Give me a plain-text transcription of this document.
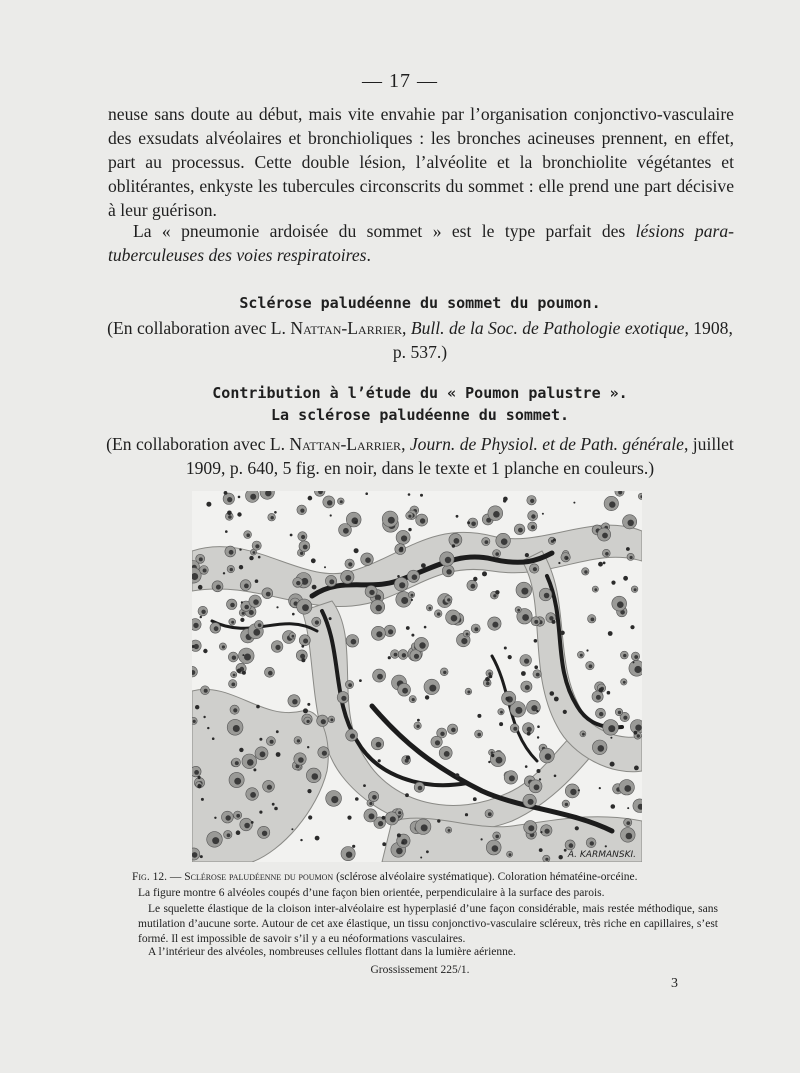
— 17 —

neuse sans doute au début, mais vite envahie par l’organisation conjonctivo-vasculaire des exsudats alvéolaires et bronchioliques : les bronches acineuses prennent, en effet, part au processus. Cette double lésion, l’alvéolite et la bronchiolite végétantes et oblitérantes, enkyste les tubercules circonscrits du sommet : elle prend une part décisive à leur guérison.

La « pneumonie ardoisée du sommet » est le type parfait des lésions para-tuberculeuses des voies respiratoires.

Sclérose paludéenne du sommet du poumon.
(En collaboration avec L. Nattan-Larrier, Bull. de la Soc. de Pathologie exotique, 1908, p. 537.)
Contribution à l’étude du « Poumon palustre ».
La sclérose paludéenne du sommet.
(En collaboration avec L. Nattan-Larrier, Journ. de Physiol. et de Path. générale, juillet 1909, p. 640, 5 fig. en noir, dans le texte et 1 planche en couleurs.)
A. KARMANSKI.
Fig. 12. — Sclérose paludéenne du poumon (sclérose alvéolaire systématique). Coloration hématéine-orcéine.
La figure montre 6 alvéoles coupés d’une façon bien orientée, perpendiculaire à la surface des parois.
Le squelette élastique de la cloison inter-alvéolaire est hyperplasié d’une façon considérable, mais restée méthodique, sans mutilation d’aucune sorte. Autour de cet axe élastique, un tissu conjonctivo-vasculaire scléreux, très riche en capillaires, s’est formé. Il est impossible de savoir s’il y a eu néoformations vasculaires.
A l’intérieur des alvéoles, nombreuses cellules flottant dans la lumière aérienne.
Grossissement 225/1.
3
